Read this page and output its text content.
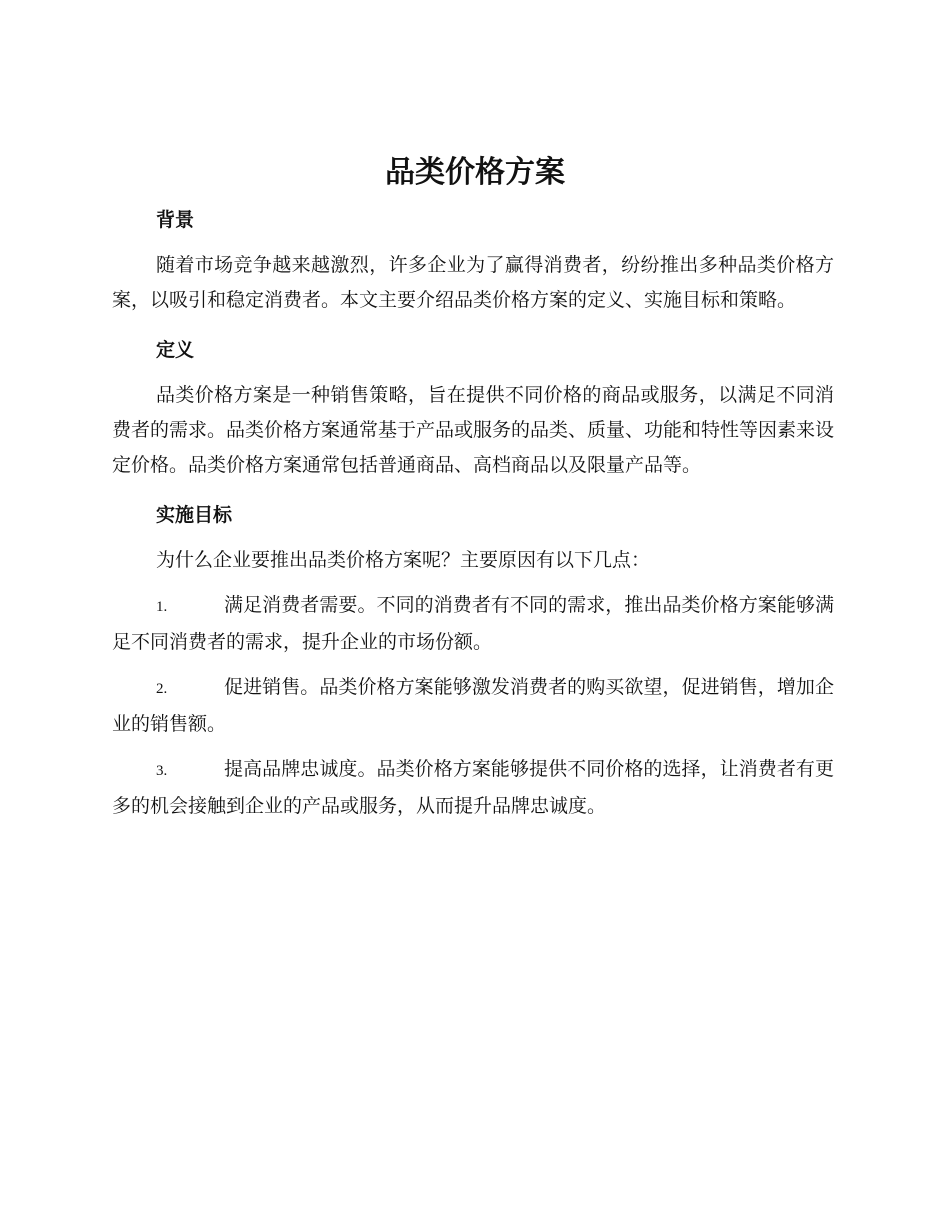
品类价格方案
背景

随着市场竞争越来越激烈，许多企业为了赢得消费者，纷纷推出多种品类价格方案，以吸引和稳定消费者。本文主要介绍品类价格方案的定义、实施目标和策略。

定义

品类价格方案是一种销售策略，旨在提供不同价格的商品或服务，以满足不同消费者的需求。品类价格方案通常基于产品或服务的品类、质量、功能和特性等因素来设定价格。品类价格方案通常包括普通商品、高档商品以及限量产品等。

实施目标

为什么企业要推出品类价格方案呢？主要原因有以下几点：

1.	满足消费者需要。不同的消费者有不同的需求，推出品类价格方案能够满足不同消费者的需求，提升企业的市场份额。

2.	促进销售。品类价格方案能够激发消费者的购买欲望，促进销售，增加企业的销售额。

3.	提高品牌忠诚度。品类价格方案能够提供不同价格的选择，让消费者有更多的机会接触到企业的产品或服务，从而提升品牌忠诚度。
